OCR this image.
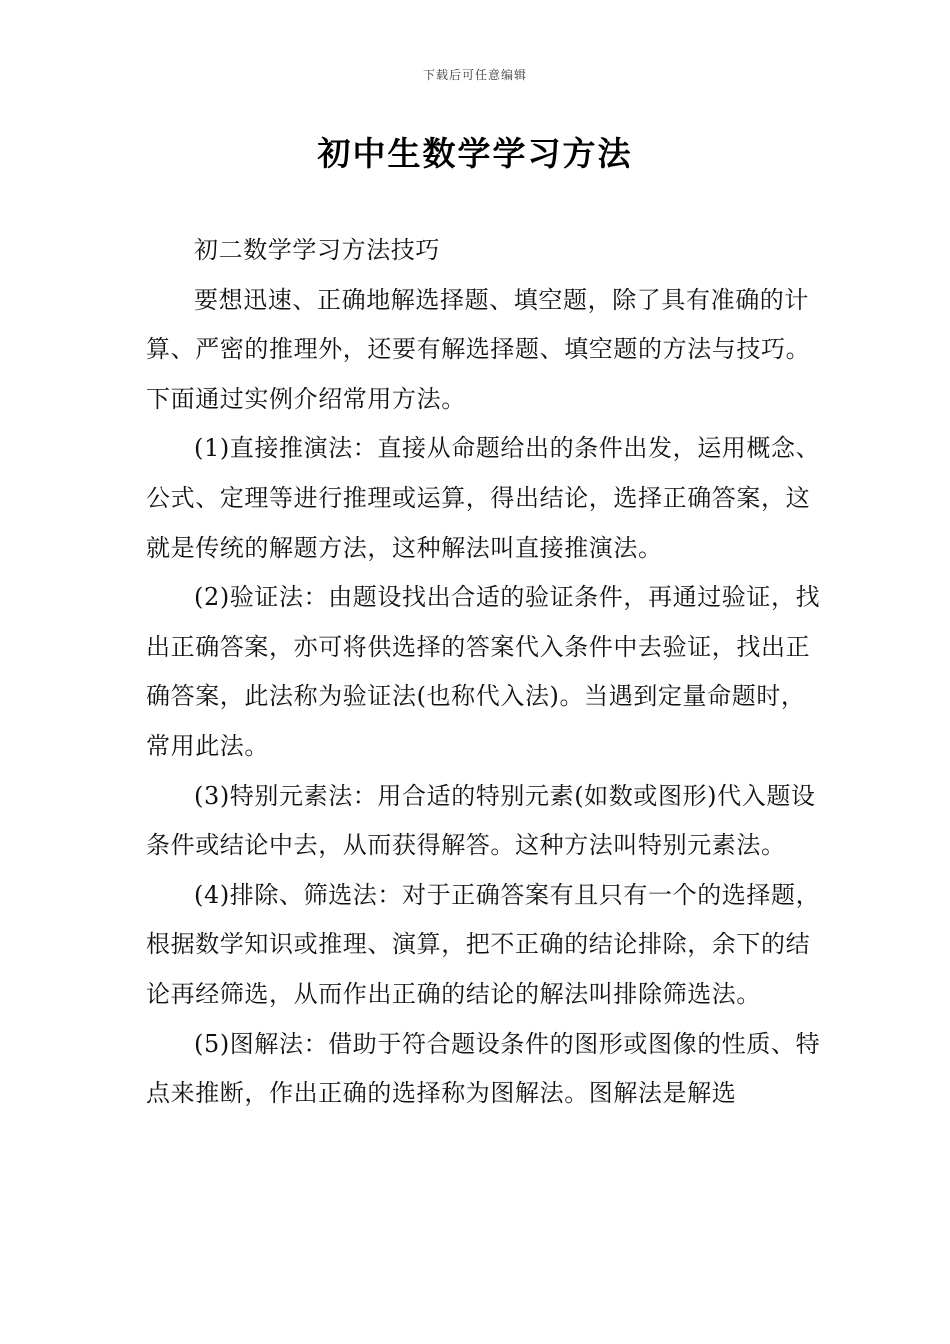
下载后可任意编辑
初中生数学学习方法

初二数学学习方法技巧

要想迅速、正确地解选择题、填空题，除了具有准确的计算、严密的推理外，还要有解选择题、填空题的方法与技巧。下面通过实例介绍常用方法。

(1)直接推演法：直接从命题给出的条件出发，运用概念、公式、定理等进行推理或运算，得出结论，选择正确答案，这就是传统的解题方法，这种解法叫直接推演法。

(2)验证法：由题设找出合适的验证条件，再通过验证，找出正确答案，亦可将供选择的答案代入条件中去验证，找出正确答案，此法称为验证法(也称代入法)。当遇到定量命题时，常用此法。

(3)特别元素法：用合适的特别元素(如数或图形)代入题设条件或结论中去，从而获得解答。这种方法叫特别元素法。

(4)排除、筛选法：对于正确答案有且只有一个的选择题，根据数学知识或推理、演算，把不正确的结论排除，余下的结论再经筛选，从而作出正确的结论的解法叫排除筛选法。

(5)图解法：借助于符合题设条件的图形或图像的性质、特点来推断，作出正确的选择称为图解法。图解法是解选
